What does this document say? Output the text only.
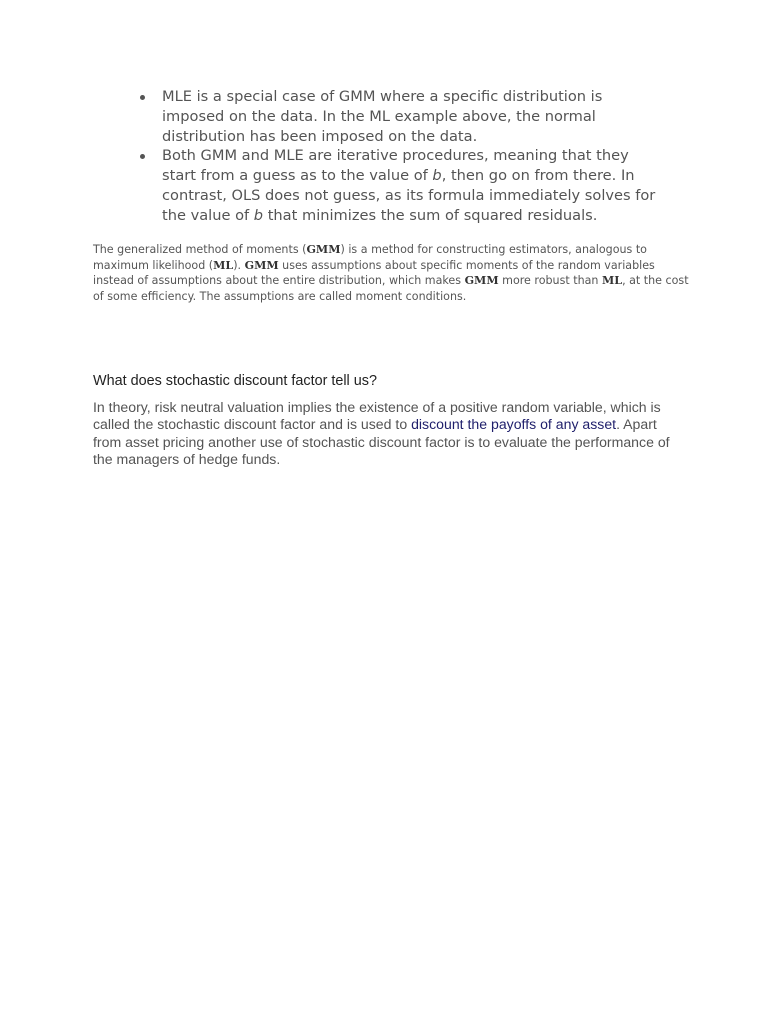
MLE is a special case of GMM where a specific distribution is imposed on the data. In the ML example above, the normal distribution has been imposed on the data.
Both GMM and MLE are iterative procedures, meaning that they start from a guess as to the value of b, then go on from there. In contrast, OLS does not guess, as its formula immediately solves for the value of b that minimizes the sum of squared residuals.

The generalized method of moments (GMM) is a method for constructing estimators, analogous to maximum likelihood (ML). GMM uses assumptions about specific moments of the random variables instead of assumptions about the entire distribution, which makes GMM more robust than ML, at the cost of some efficiency. The assumptions are called moment conditions.

What does stochastic discount factor tell us?

In theory, risk neutral valuation implies the existence of a positive random variable, which is called the stochastic discount factor and is used to discount the payoffs of any asset. Apart from asset pricing another use of stochastic discount factor is to evaluate the performance of the managers of hedge funds.
